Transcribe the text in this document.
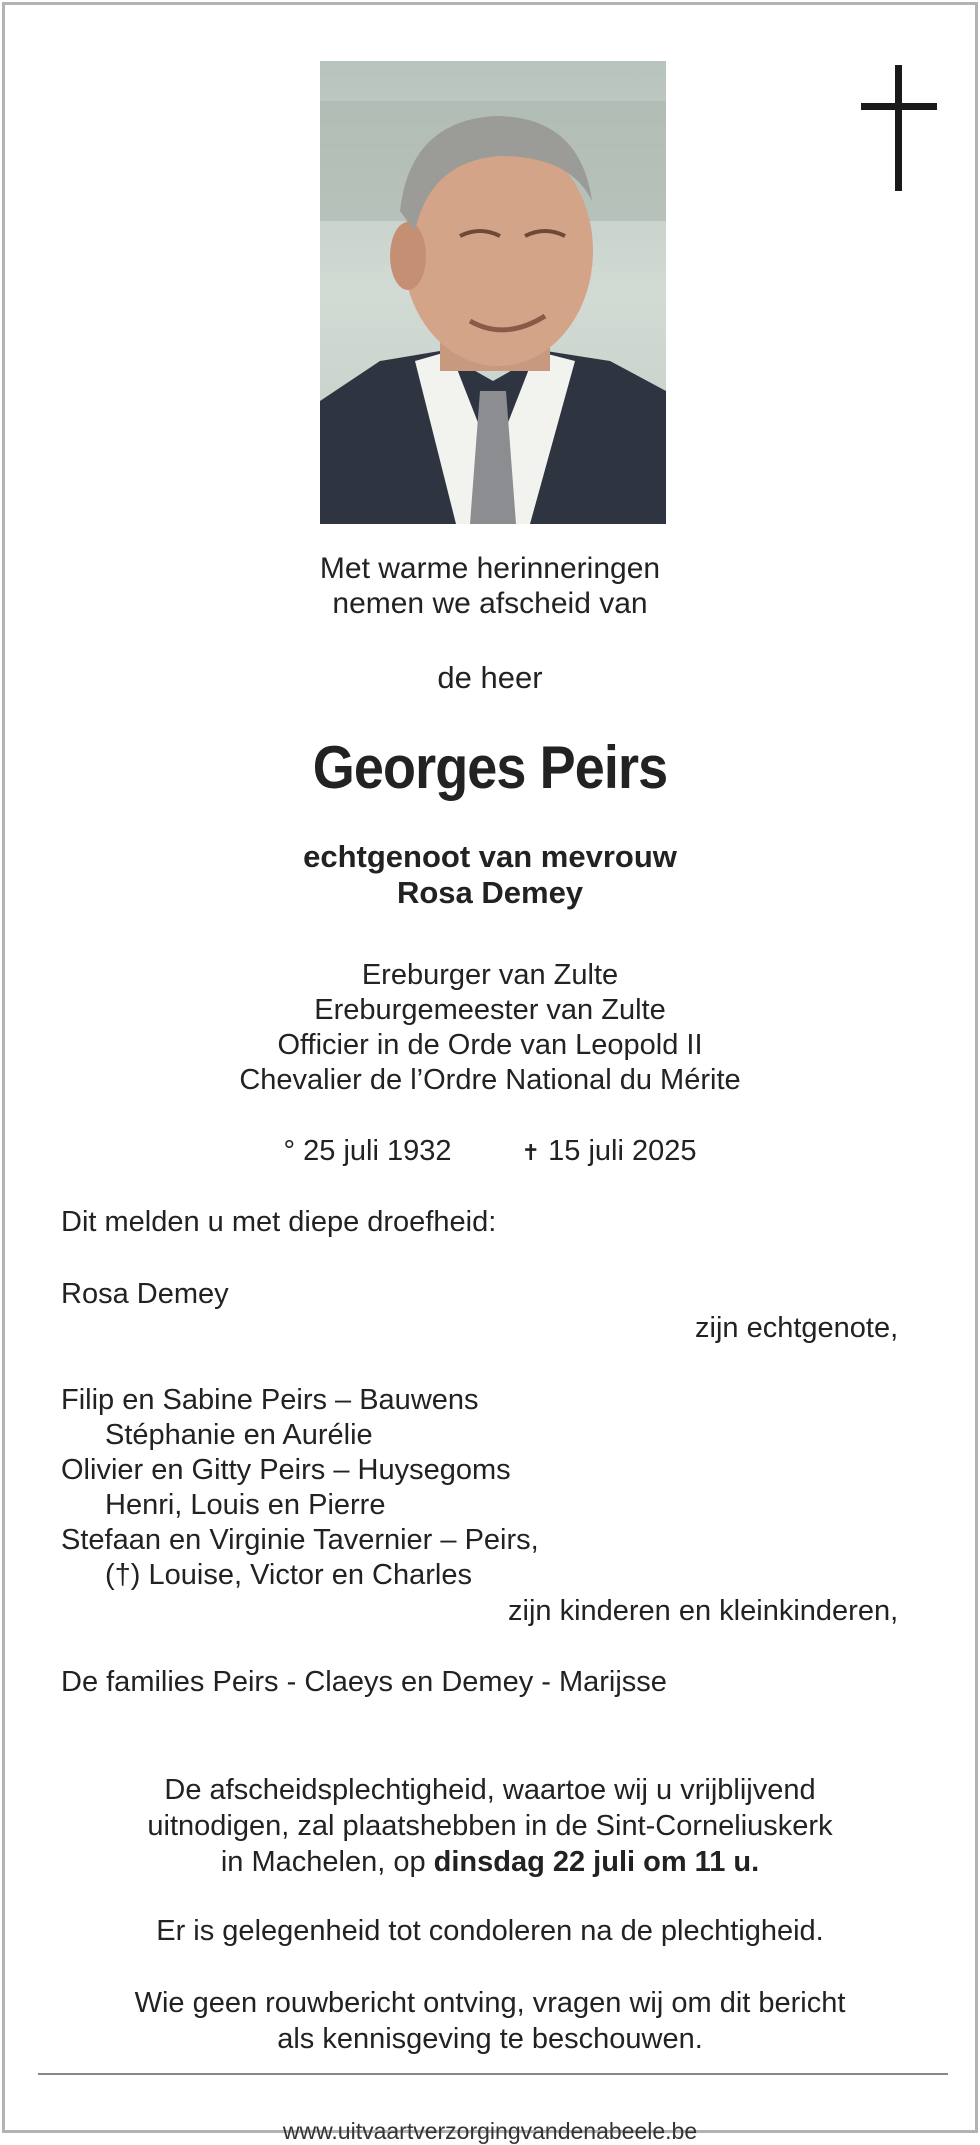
Met warme herinneringen
nemen we afscheid van
de heer
Georges Peirs
echtgenoot van mevrouw
Rosa Demey
Ereburger van Zulte
Ereburgemeester van Zulte
Officier in de Orde van Leopold II
Chevalier de l’Ordre National du Mérite
° 25 juli 1932	✝ 15 juli 2025
Dit melden u met diepe droefheid:
Rosa Demey
zijn echtgenote,
Filip en Sabine Peirs – Bauwens
Stéphanie en Aurélie
Olivier en Gitty Peirs – Huysegoms
Henri, Louis en Pierre
Stefaan en Virginie Tavernier – Peirs,
(†) Louise, Victor en Charles
zijn kinderen en kleinkinderen,
De families Peirs - Claeys en Demey - Marijsse
De afscheidsplechtigheid, waartoe wij u vrijblijvend
uitnodigen, zal plaatshebben in de Sint-Corneliuskerk
in Machelen, op dinsdag 22 juli om 11 u.
Er is gelegenheid tot condoleren na de plechtigheid.
Wie geen rouwbericht ontving, vragen wij om dit bericht
als kennisgeving te beschouwen.
www.uitvaartverzorgingvandenabeele.be
